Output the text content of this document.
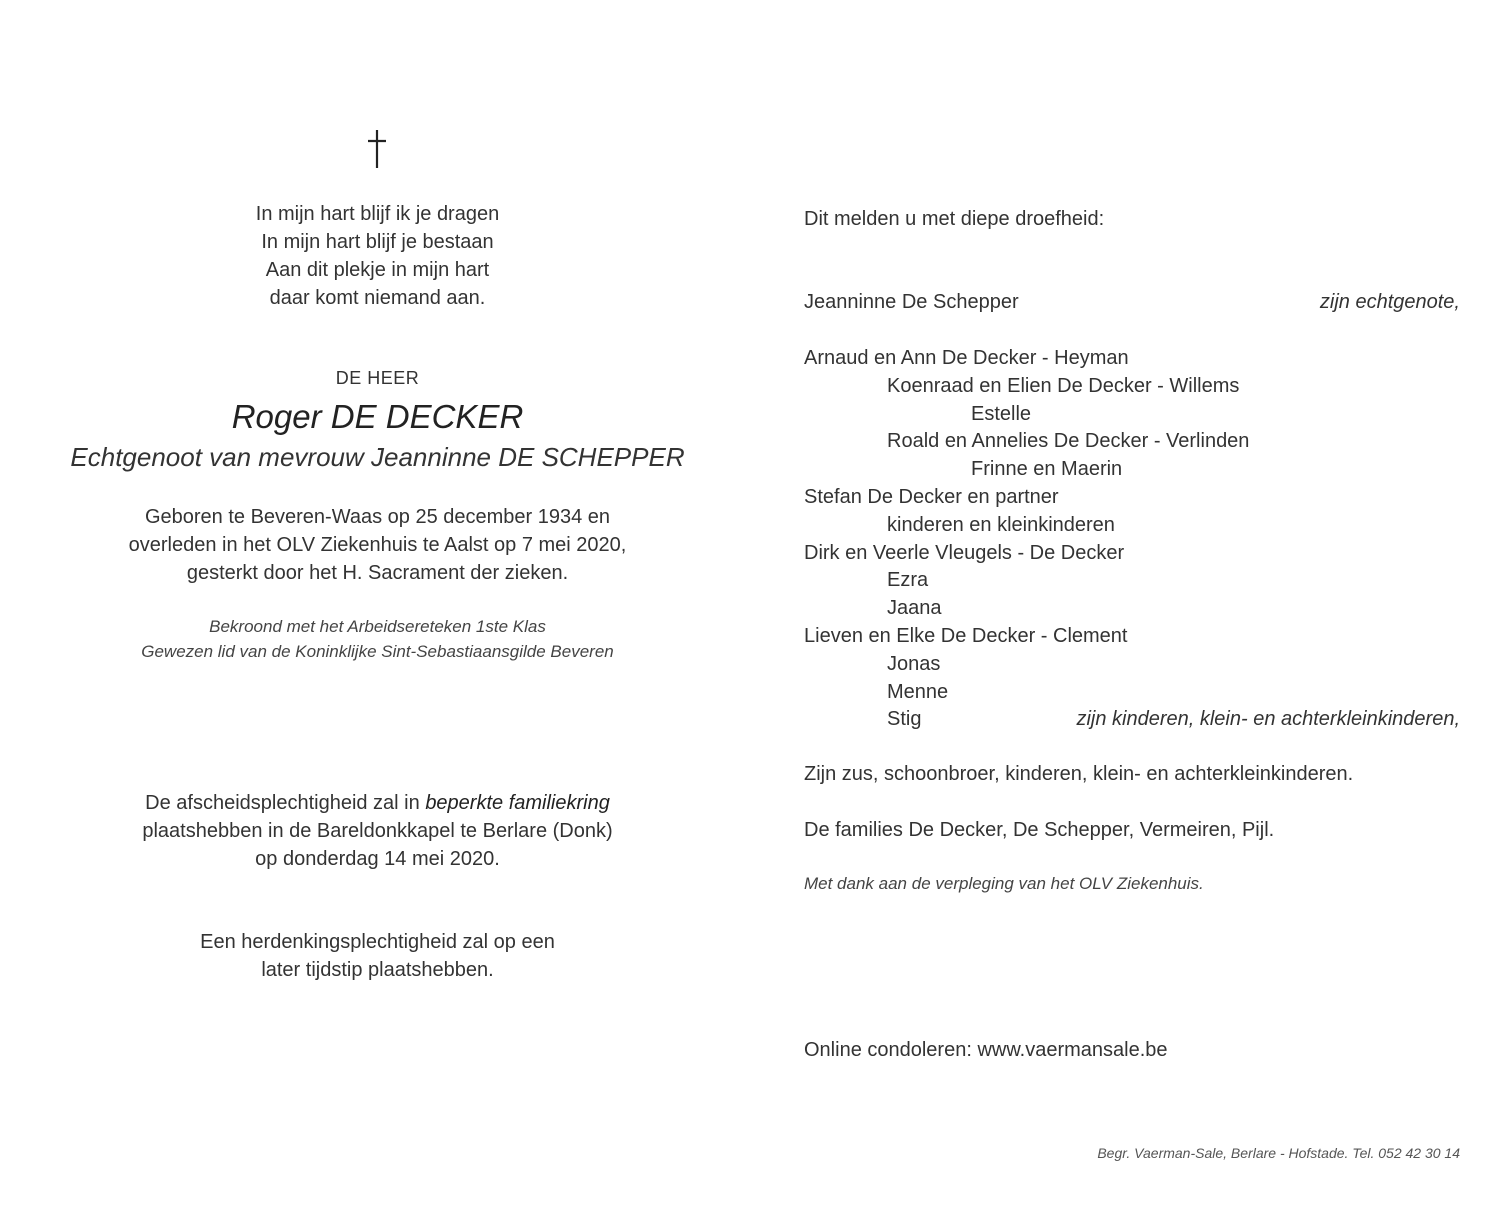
In mijn hart blijf ik je dragen
In mijn hart blijf je bestaan
Aan dit plekje in mijn hart
daar komt niemand aan.
DE HEER
Roger DE DECKER
Echtgenoot van mevrouw Jeanninne DE SCHEPPER
Geboren te Beveren-Waas op 25 december 1934 en
overleden in het OLV Ziekenhuis te Aalst op 7 mei 2020,
gesterkt door het H. Sacrament der zieken.
Bekroond met het Arbeidsereteken 1ste Klas
Gewezen lid van de Koninklijke Sint-Sebastiaansgilde Beveren
De afscheidsplechtigheid zal in beperkte familiekring
plaatshebben in de Bareldonkkapel te Berlare (Donk)
op donderdag 14 mei 2020.
Een herdenkingsplechtigheid zal op een
later tijdstip plaatshebben.
Dit melden u met diepe droefheid:
Jeanninne De Schepper	zijn echtgenote,
Arnaud en Ann De Decker - Heyman
Koenraad en Elien De Decker - Willems
Estelle
Roald en Annelies De Decker - Verlinden
Frinne en Maerin
Stefan De Decker en partner
kinderen en kleinkinderen
Dirk en Veerle Vleugels - De Decker
Ezra
Jaana
Lieven en Elke De Decker - Clement
Jonas
Menne
Stig	zijn kinderen, klein- en achterkleinkinderen,
Zijn zus, schoonbroer, kinderen, klein- en achterkleinkinderen.
De families De Decker, De Schepper, Vermeiren, Pijl.
Met dank aan de verpleging van het OLV Ziekenhuis.
Online condoleren: www.vaermansale.be
Begr. Vaerman-Sale, Berlare - Hofstade. Tel. 052 42 30 14
